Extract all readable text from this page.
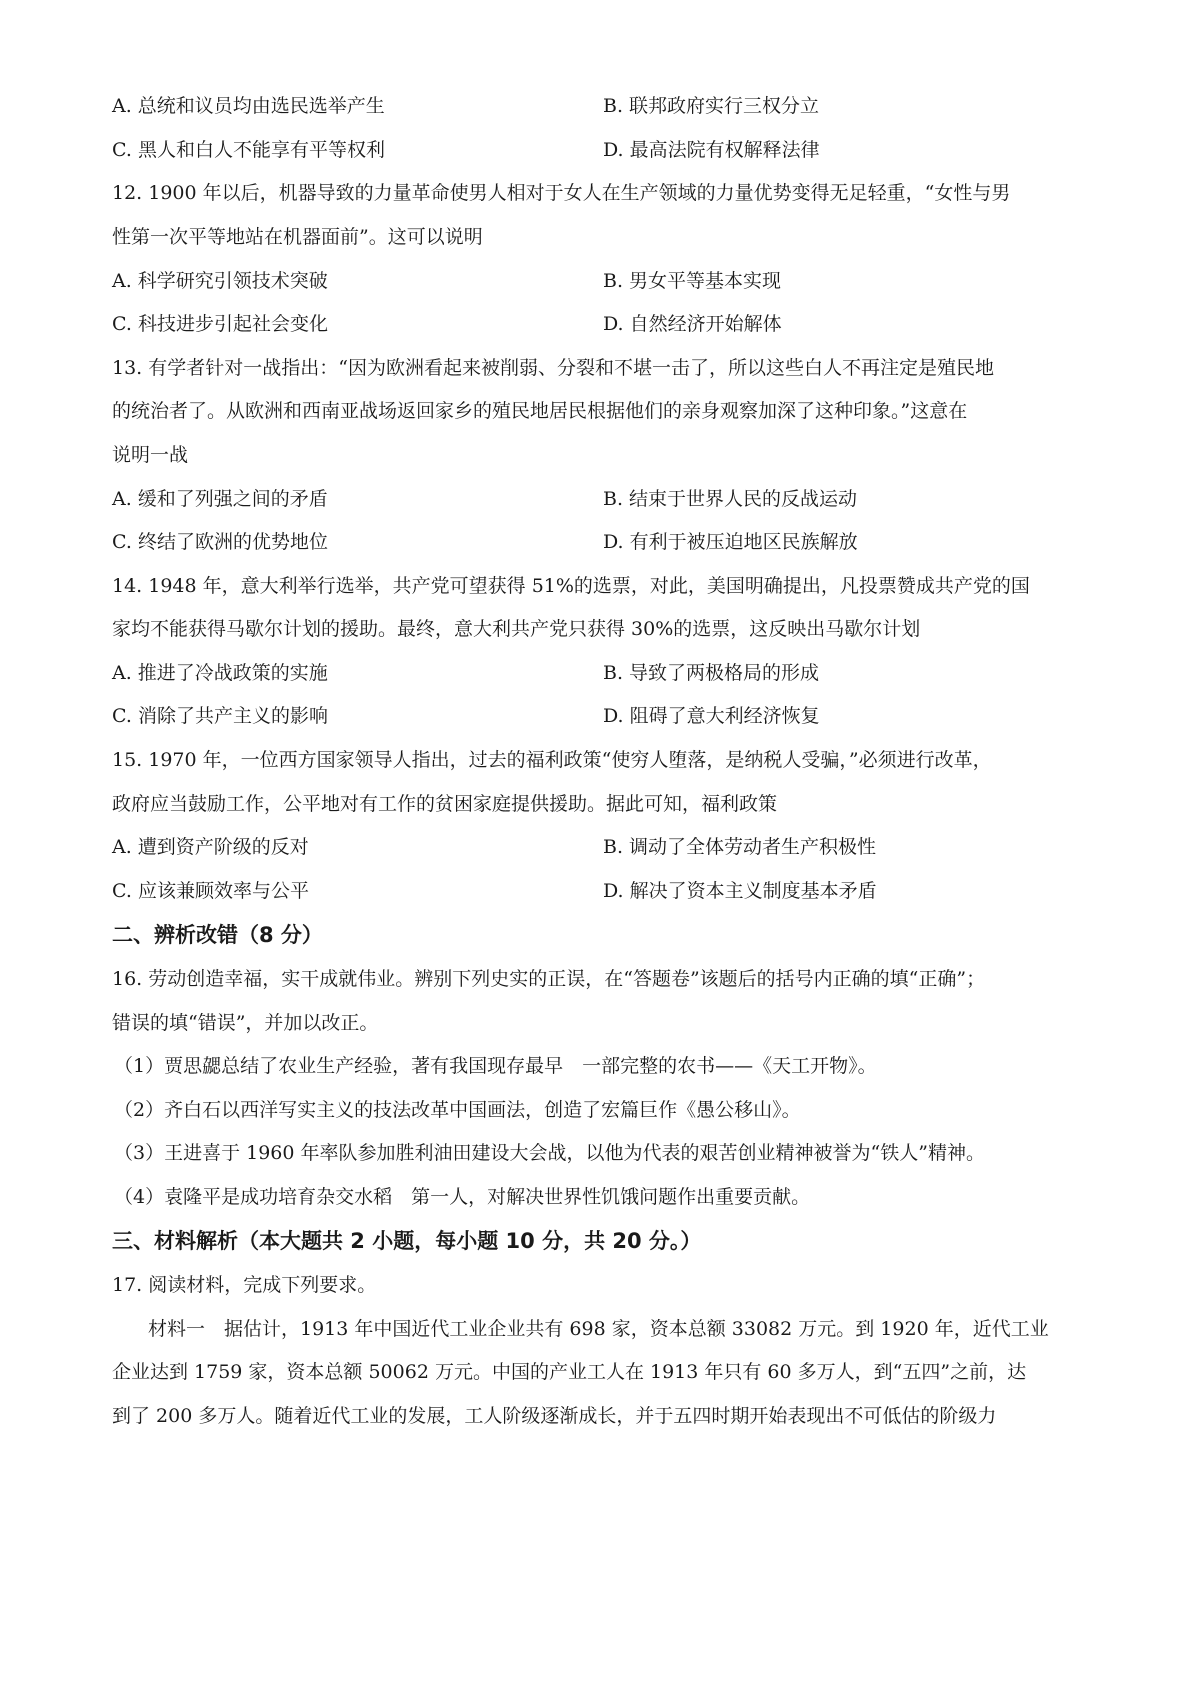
A. 总统和议员均由选民选举产生	B. 联邦政府实行三权分立
C. 黑人和白人不能享有平等权利	D. 最高法院有权解释法律
12. 1900 年以后，机器导致的力量革命使男人相对于女人在生产领域的力量优势变得无足轻重，“女性与男
性第一次平等地站在机器面前”。这可以说明
A. 科学研究引领技术突破	B. 男女平等基本实现
C. 科技进步引起社会变化	D. 自然经济开始解体
13. 有学者针对一战指出：“因为欧洲看起来被削弱、分裂和不堪一击了，所以这些白人不再注定是殖民地
的统治者了。从欧洲和西南亚战场返回家乡的殖民地居民根据他们的亲身观察加深了这种印象。”这意在
说明一战
A. 缓和了列强之间的矛盾	B. 结束于世界人民的反战运动
C. 终结了欧洲的优势地位	D. 有利于被压迫地区民族解放
14. 1948 年，意大利举行选举，共产党可望获得 51%的选票，对此，美国明确提出，凡投票赞成共产党的国
家均不能获得马歇尔计划的援助。最终，意大利共产党只获得 30%的选票，这反映出马歇尔计划
A. 推进了冷战政策的实施	B. 导致了两极格局的形成
C. 消除了共产主义的影响	D. 阻碍了意大利经济恢复
15. 1970 年，一位西方国家领导人指出，过去的福利政策“使穷人堕落，是纳税人受骗，”必须进行改革，
政府应当鼓励工作，公平地对有工作的贫困家庭提供援助。据此可知，福利政策
A. 遭到资产阶级的反对	B. 调动了全体劳动者生产积极性
C. 应该兼顾效率与公平	D. 解决了资本主义制度基本矛盾
二、辨析改错（8 分）
16. 劳动创造幸福，实干成就伟业。辨别下列史实的正误，在“答题卷”该题后的括号内正确的填“正确”；
错误的填“错误”，并加以改正。
（1）贾思勰总结了农业生产经验，著有我国现存最早　一部完整的农书——《天工开物》。
（2）齐白石以西洋写实主义的技法改革中国画法，创造了宏篇巨作《愚公移山》。
（3）王进喜于 1960 年率队参加胜利油田建设大会战，以他为代表的艰苦创业精神被誉为“铁人”精神。
（4）袁隆平是成功培育杂交水稻　第一人，对解决世界性饥饿问题作出重要贡献。
三、材料解析（本大题共 2 小题，每小题 10 分，共 20 分。）
17. 阅读材料，完成下列要求。
材料一　据估计，1913 年中国近代工业企业共有 698 家，资本总额 33082 万元。到 1920 年，近代工业
企业达到 1759 家，资本总额 50062 万元。中国的产业工人在 1913 年只有 60 多万人，到“五四”之前，达
到了 200 多万人。随着近代工业的发展，工人阶级逐渐成长，并于五四时期开始表现出不可低估的阶级力
